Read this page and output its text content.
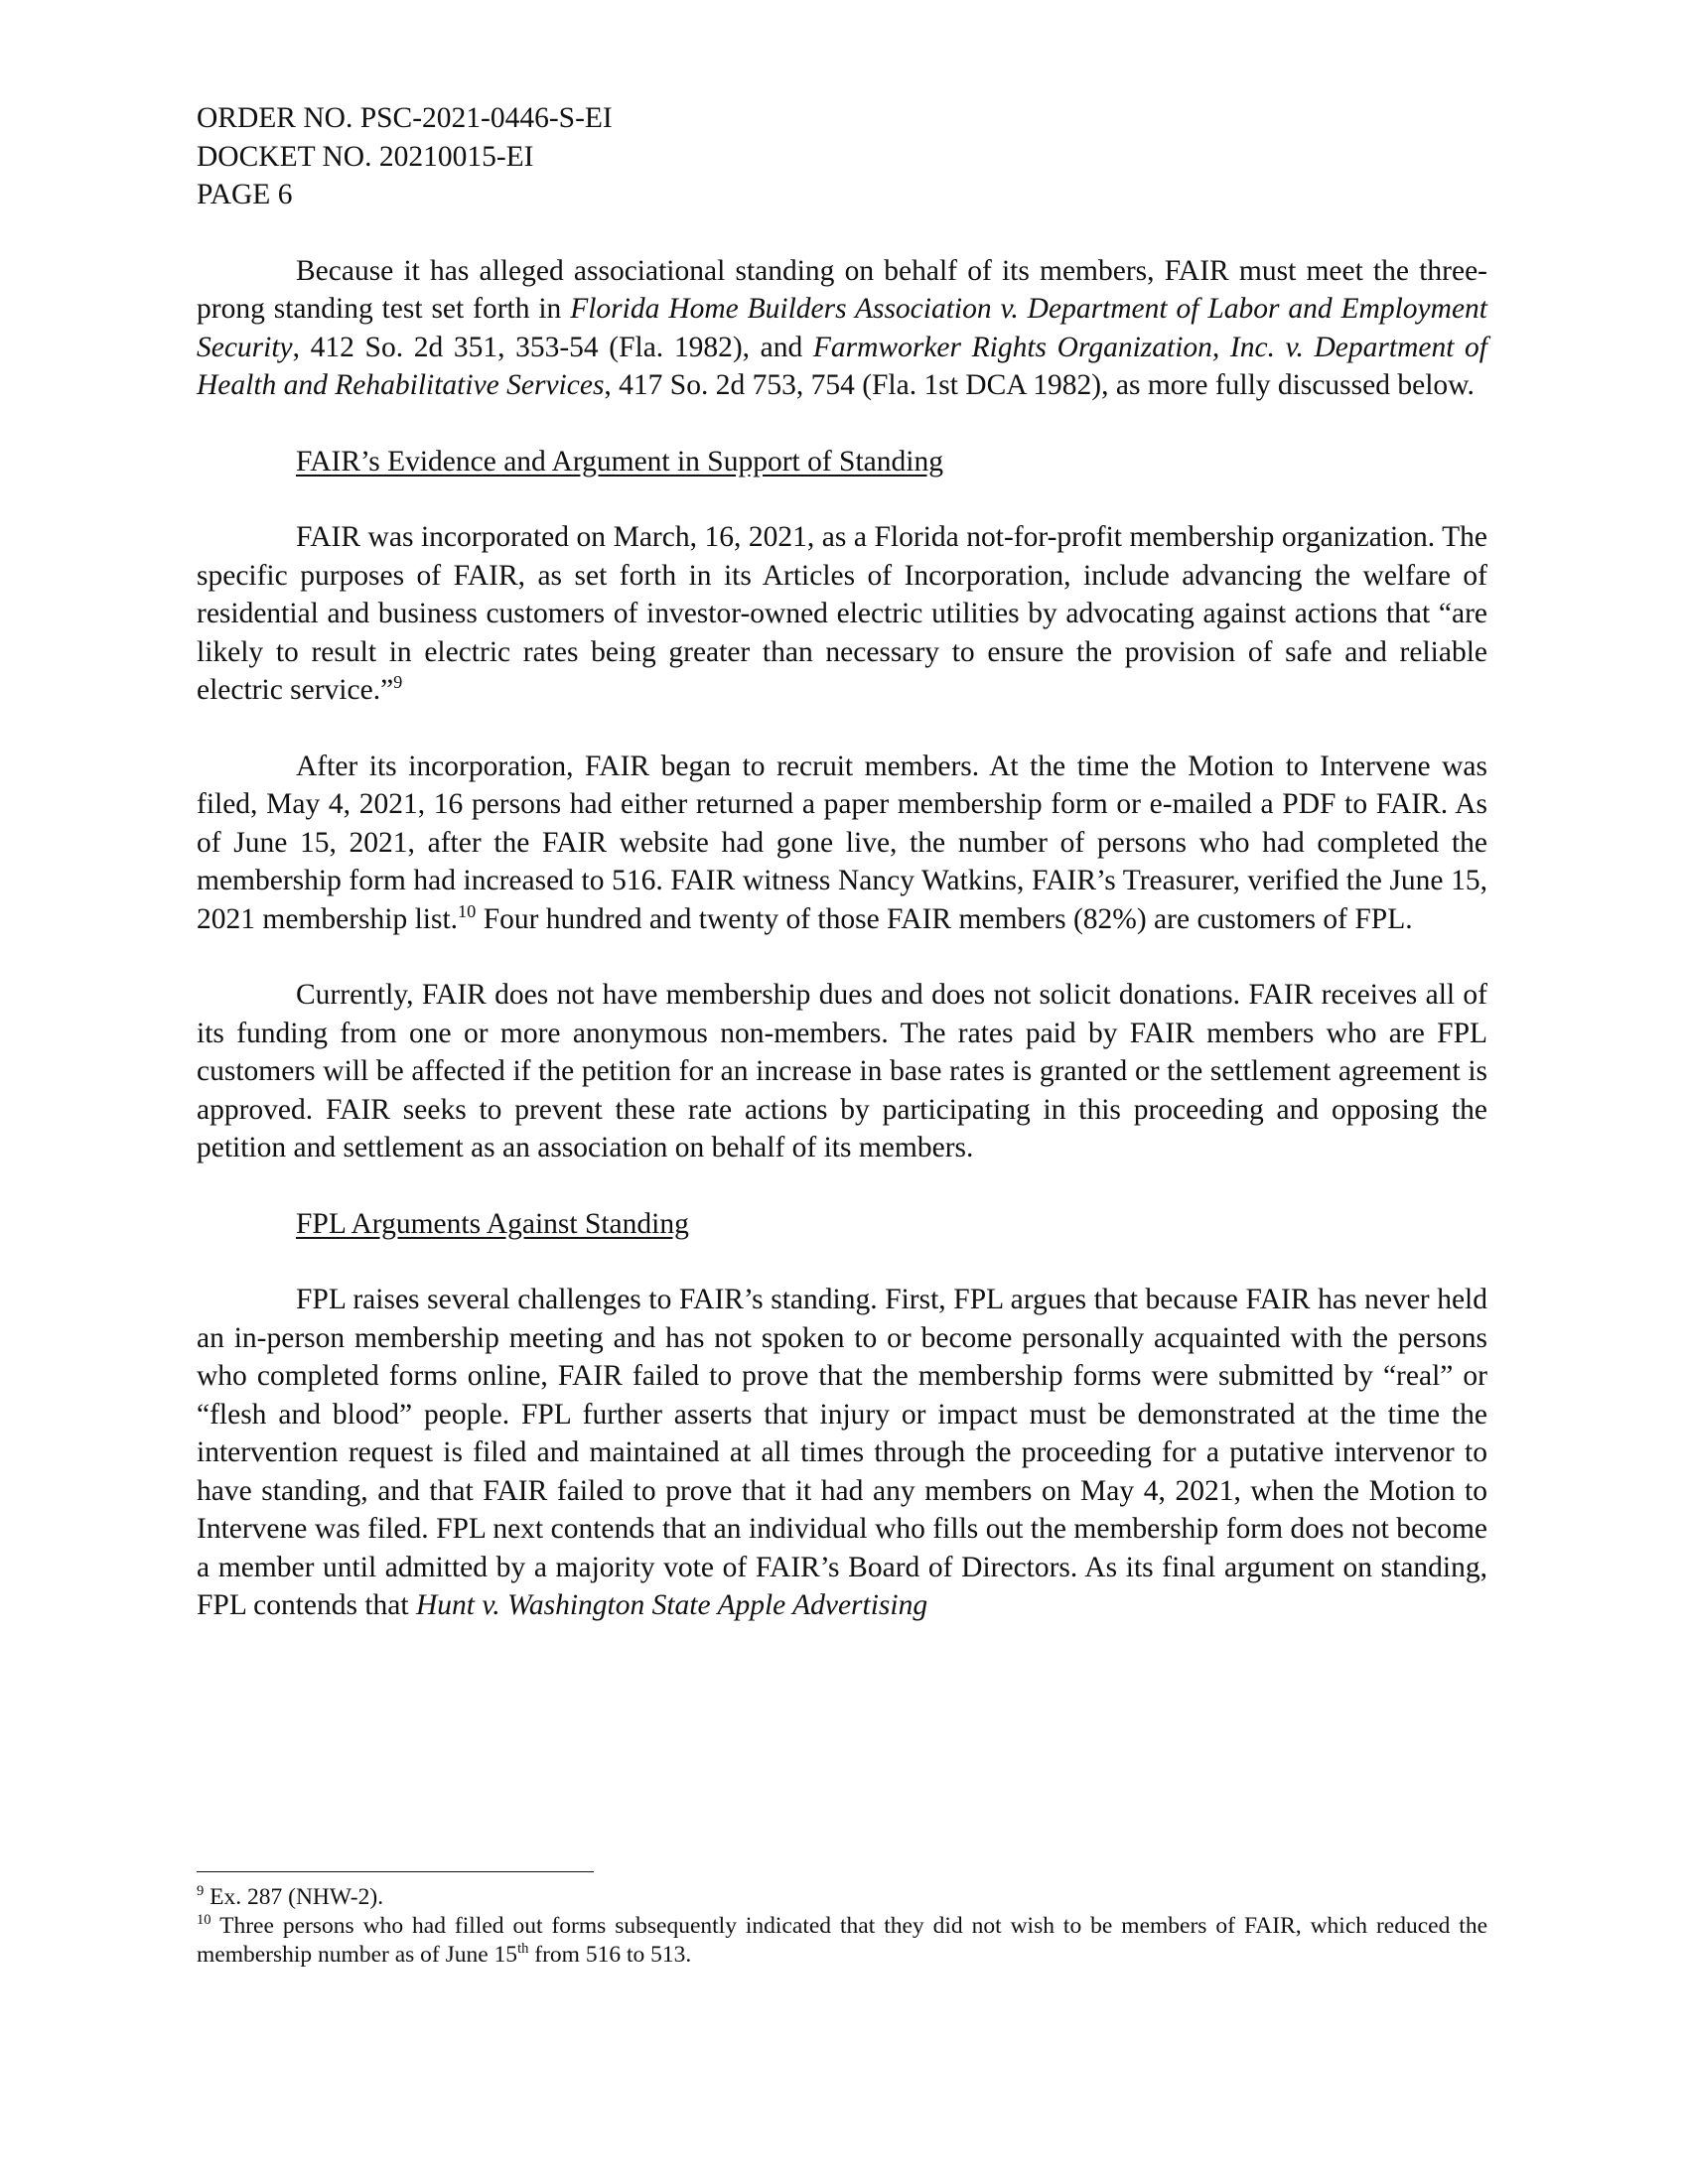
ORDER NO. PSC-2021-0446-S-EI
DOCKET NO. 20210015-EI
PAGE 6

Because it has alleged associational standing on behalf of its members, FAIR must meet the three-prong standing test set forth in Florida Home Builders Association v. Department of Labor and Employment Security, 412 So. 2d 351, 353-54 (Fla. 1982), and Farmworker Rights Organization, Inc. v. Department of Health and Rehabilitative Services, 417 So. 2d 753, 754 (Fla. 1st DCA 1982), as more fully discussed below.

FAIR’s Evidence and Argument in Support of Standing

FAIR was incorporated on March, 16, 2021, as a Florida not-for-profit membership organization. The specific purposes of FAIR, as set forth in its Articles of Incorporation, include advancing the welfare of residential and business customers of investor-owned electric utilities by advocating against actions that “are likely to result in electric rates being greater than necessary to ensure the provision of safe and reliable electric service.”$^9$

After its incorporation, FAIR began to recruit members. At the time the Motion to Intervene was filed, May 4, 2021, 16 persons had either returned a paper membership form or e-mailed a PDF to FAIR. As of June 15, 2021, after the FAIR website had gone live, the number of persons who had completed the membership form had increased to 516. FAIR witness Nancy Watkins, FAIR’s Treasurer, verified the June 15, 2021 membership list.$^{10}$ Four hundred and twenty of those FAIR members (82%) are customers of FPL.

Currently, FAIR does not have membership dues and does not solicit donations. FAIR receives all of its funding from one or more anonymous non-members. The rates paid by FAIR members who are FPL customers will be affected if the petition for an increase in base rates is granted or the settlement agreement is approved. FAIR seeks to prevent these rate actions by participating in this proceeding and opposing the petition and settlement as an association on behalf of its members.

FPL Arguments Against Standing

FPL raises several challenges to FAIR’s standing. First, FPL argues that because FAIR has never held an in-person membership meeting and has not spoken to or become personally acquainted with the persons who completed forms online, FAIR failed to prove that the membership forms were submitted by “real” or “flesh and blood” people. FPL further asserts that injury or impact must be demonstrated at the time the intervention request is filed and maintained at all times through the proceeding for a putative intervenor to have standing, and that FAIR failed to prove that it had any members on May 4, 2021, when the Motion to Intervene was filed. FPL next contends that an individual who fills out the membership form does not become a member until admitted by a majority vote of FAIR’s Board of Directors. As its final argument on standing, FPL contends that Hunt v. Washington State Apple Advertising

$^9$ Ex. 287 (NHW-2).

$^{10}$ Three persons who had filled out forms subsequently indicated that they did not wish to be members of FAIR, which reduced the membership number as of June 15th from 516 to 513.
